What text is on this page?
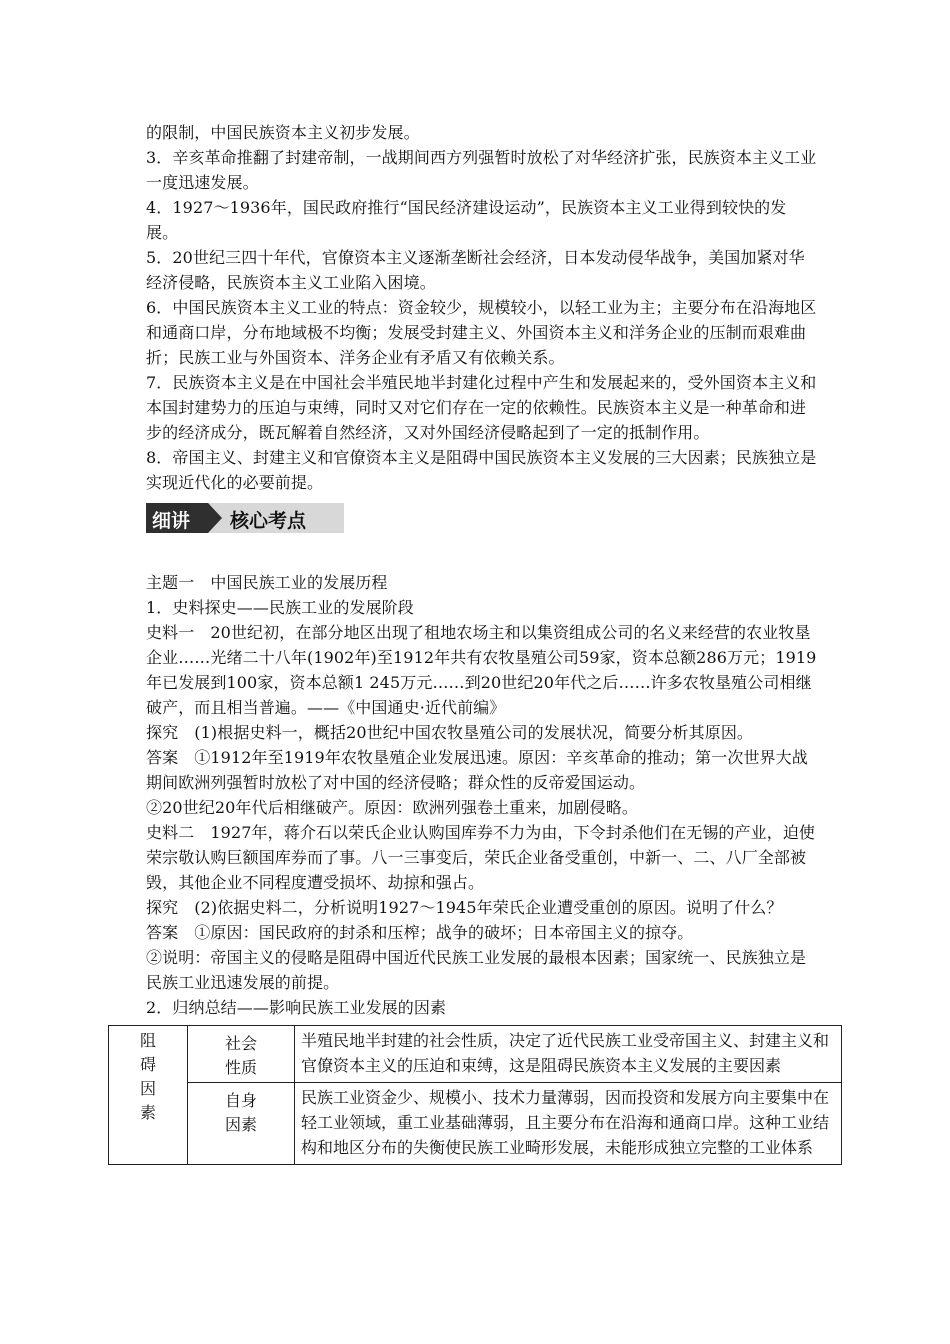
的限制，中国民族资本主义初步发展。
3．辛亥革命推翻了封建帝制，一战期间西方列强暂时放松了对华经济扩张，民族资本主义工业一度迅速发展。
4．1927～1936年，国民政府推行“国民经济建设运动”，民族资本主义工业得到较快的发展。
5．20世纪三四十年代，官僚资本主义逐渐垄断社会经济，日本发动侵华战争，美国加紧对华经济侵略，民族资本主义工业陷入困境。
6．中国民族资本主义工业的特点：资金较少，规模较小，以轻工业为主；主要分布在沿海地区和通商口岸，分布地域极不均衡；发展受封建主义、外国资本主义和洋务企业的压制而艰难曲折；民族工业与外国资本、洋务企业有矛盾又有依赖关系。
7．民族资本主义是在中国社会半殖民地半封建化过程中产生和发展起来的，受外国资本主义和本国封建势力的压迫与束缚，同时又对它们存在一定的依赖性。民族资本主义是一种革命和进步的经济成分，既瓦解着自然经济，又对外国经济侵略起到了一定的抵制作用。
8．帝国主义、封建主义和官僚资本主义是阻碍中国民族资本主义发展的三大因素；民族独立是实现近代化的必要前提。
细讲 核心考点
主题一　中国民族工业的发展历程
1．史料探史——民族工业的发展阶段
史料一　20世纪初，在部分地区出现了租地农场主和以集资组成公司的名义来经营的农业牧垦企业……光绪二十八年(1902年)至1912年共有农牧垦殖公司59家，资本总额286万元；1919年已发展到100家，资本总额1 245万元……到20世纪20年代之后……许多农牧垦殖公司相继破产，而且相当普遍。——《中国通史·近代前编》
探究　(1)根据史料一，概括20世纪中国农牧垦殖公司的发展状况，简要分析其原因。
答案　①1912年至1919年农牧垦殖企业发展迅速。原因：辛亥革命的推动；第一次世界大战期间欧洲列强暂时放松了对中国的经济侵略；群众性的反帝爱国运动。
②20世纪20年代后相继破产。原因：欧洲列强卷土重来，加剧侵略。
史料二　1927年，蒋介石以荣氏企业认购国库券不力为由，下令封杀他们在无锡的产业，迫使荣宗敬认购巨额国库券而了事。八一三事变后，荣氏企业备受重创，中新一、二、八厂全部被毁，其他企业不同程度遭受损坏、劫掠和强占。
探究　(2)依据史料二，分析说明1927～1945年荣氏企业遭受重创的原因。说明了什么？
答案　①原因：国民政府的封杀和压榨；战争的破坏；日本帝国主义的掠夺。
②说明：帝国主义的侵略是阻碍中国近代民族工业发展的最根本因素；国家统一、民族独立是民族工业迅速发展的前提。
2．归纳总结——影响民族工业发展的因素
阻
碍
因
素	社会
性质	半殖民地半封建的社会性质，决定了近代民族工业受帝国主义、封建主义和官僚资本主义的压迫和束缚，这是阻碍民族资本主义发展的主要因素

	自身
因素	民族工业资金少、规模小、技术力量薄弱，因而投资和发展方向主要集中在轻工业领域，重工业基础薄弱，且主要分布在沿海和通商口岸。这种工业结构和地区分布的失衡使民族工业畸形发展，未能形成独立完整的工业体系
